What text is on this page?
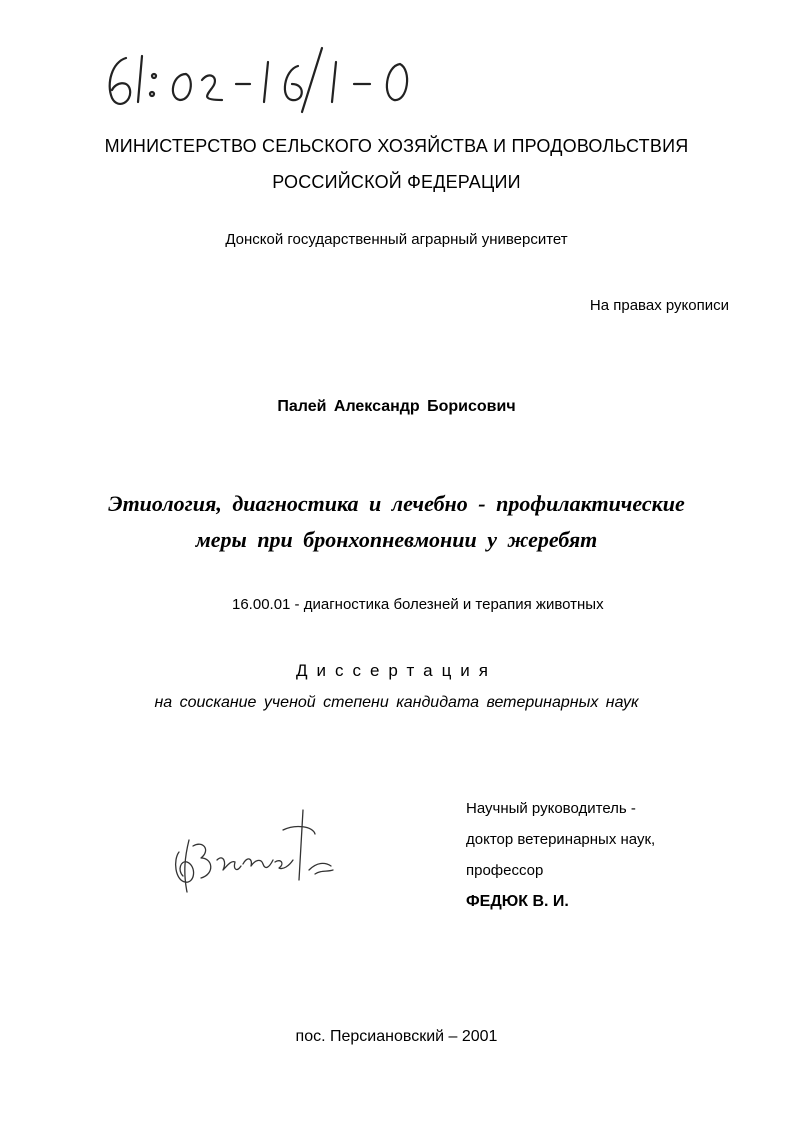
МИНИСТЕРСТВО СЕЛЬСКОГО ХОЗЯЙСТВА И ПРОДОВОЛЬСТВИЯ
РОССИЙСКОЙ ФЕДЕРАЦИИ
Донской государственный аграрный университет
На правах рукописи
Палей Александр Борисович
Этиология, диагностика и лечебно - профилактические
меры при бронхопневмонии у жеребят
16.00.01 - диагностика болезней и терапия животных
Диссертация
на соискание ученой степени кандидата ветеринарных наук
Научный руководитель -
доктор ветеринарных наук,
профессор
ФЕДЮК В. И.
пос. Персиановский – 2001
